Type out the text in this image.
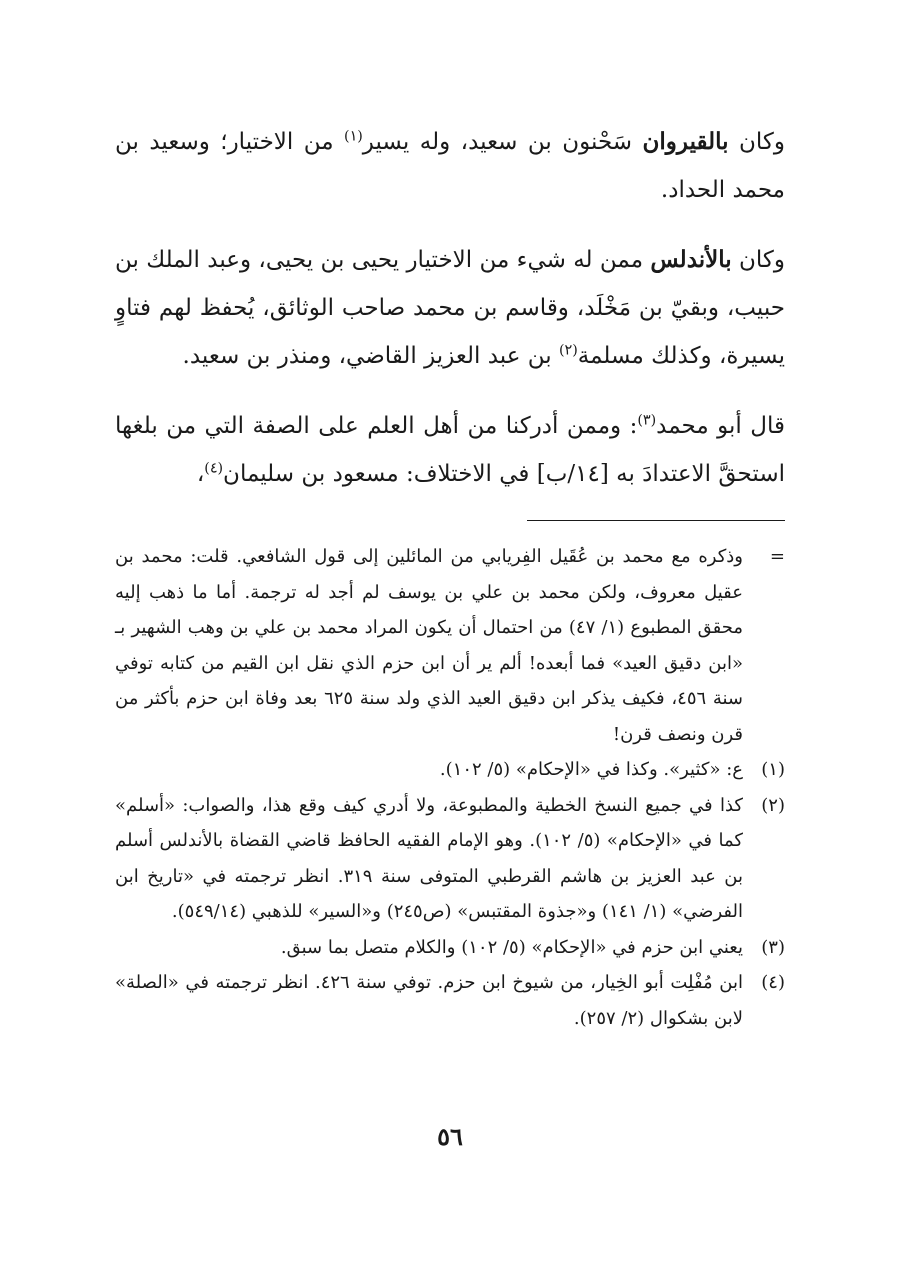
وكان بالقيروان سَحْنون بن سعيد، وله يسير$^{(١)}$ من الاختيار؛ وسعيد بن محمد الحداد.

وكان بالأندلس ممن له شيء من الاختيار يحيى بن يحيى، وعبد الملك بن حبيب، وبقيّ بن مَخْلَد، وقاسم بن محمد صاحب الوثائق، يُحفظ لهم فتاوٍ يسيرة، وكذلك مسلمة$^{(٢)}$ بن عبد العزيز القاضي، ومنذر بن سعيد.

قال أبو محمد$^{(٣)}$: وممن أدركنا من أهل العلم على الصفة التي من بلغها استحقَّ الاعتدادَ به [١٤/ب] في الاختلاف: مسعود بن سليمان$^{(٤)}$،

=
وذكره مع محمد بن عُقَيل الفِريابي من المائلين إلى قول الشافعي. قلت: محمد بن عقيل معروف، ولكن محمد بن علي بن يوسف لم أجد له ترجمة. أما ما ذهب إليه محقق المطبوع (١/ ٤٧) من احتمال أن يكون المراد محمد بن علي بن وهب الشهير بـ «ابن دقيق العيد» فما أبعده! ألم ير أن ابن حزم الذي نقل ابن القيم من كتابه توفي سنة ٤٥٦، فكيف يذكر ابن دقيق العيد الذي ولد سنة ٦٢٥ بعد وفاة ابن حزم بأكثر من قرن ونصف قرن!
(١)
ع: «كثير». وكذا في «الإحكام» (٥/ ١٠٢).
(٢)
كذا في جميع النسخ الخطية والمطبوعة، ولا أدري كيف وقع هذا، والصواب: «أسلم» كما في «الإحكام» (٥/ ١٠٢). وهو الإمام الفقيه الحافظ قاضي القضاة بالأندلس أسلم بن عبد العزيز بن هاشم القرطبي المتوفى سنة ٣١٩. انظر ترجمته في «تاريخ ابن الفرضي» (١/ ١٤١) و«جذوة المقتبس» (ص٢٤٥) و«السير» للذهبي (٥٤٩/١٤).
(٣)
يعني ابن حزم في «الإحكام» (٥/ ١٠٢) والكلام متصل بما سبق.
(٤)
ابن مُفْلِت أبو الخِيار، من شيوخ ابن حزم. توفي سنة ٤٢٦. انظر ترجمته في «الصلة» لابن بشكوال (٢/ ٢٥٧).
٥٦
